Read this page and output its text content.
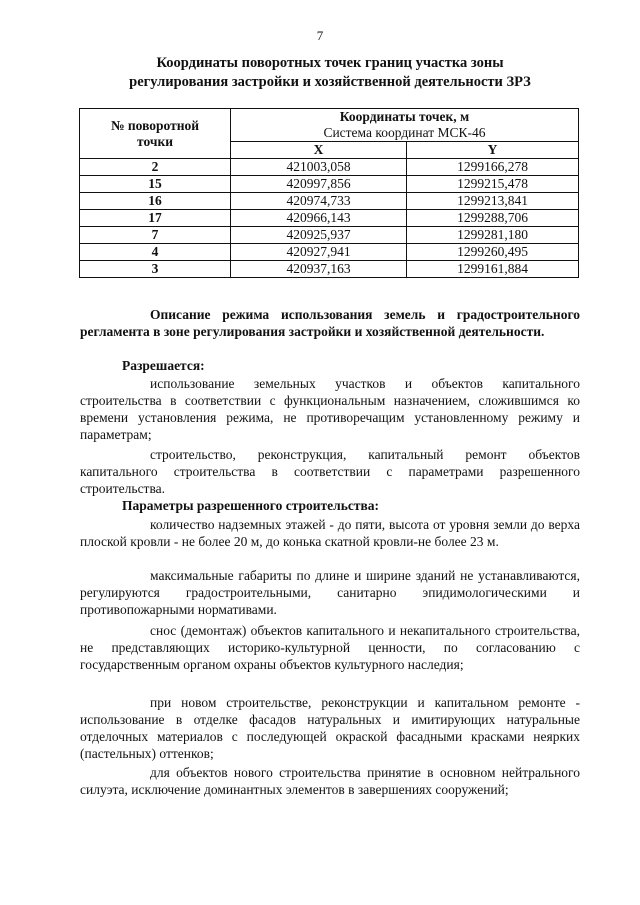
7
Координаты поворотных точек границ участка зоны
регулирования застройки и хозяйственной деятельности ЗРЗ
№ поворотной
точки	Координаты точек, м
Система координат МСК-46	

	X	Y

2	421003,058	1299166,278
15	420997,856	1299215,478
16	420974,733	1299213,841
17	420966,143	1299288,706
7	420925,937	1299281,180
4	420927,941	1299260,495
3	420937,163	1299161,884
Описание режима использования земель и градостроительного регламента в зоне регулирования застройки и хозяйственной деятельности.
Разрешается:
использование земельных участков и объектов капитального строительства в соответствии с функциональным назначением, сложившимся ко времени установления режима, не противоречащим установленному режиму и параметрам;
строительство, реконструкция, капитальный ремонт объектов капитального строительства в соответствии с параметрами разрешенного строительства.
Параметры разрешенного строительства:
количество надземных этажей - до пяти, высота от уровня земли до верха плоской кровли - не более 20 м, до конька скатной кровли-не более 23 м.
максимальные габариты по длине и ширине зданий не устанавливаются, регулируются градостроительными, санитарно эпидимологическими и противопожарными нормативами.
снос (демонтаж) объектов капитального и некапитального строительства, не представляющих историко-культурной ценности, по согласованию с государственным органом охраны объектов культурного наследия;
при новом строительстве, реконструкции и капитальном ремонте - использование в отделке фасадов натуральных и имитирующих натуральные отделочных материалов с последующей окраской фасадными красками неярких (пастельных) оттенков;
для объектов нового строительства принятие в основном нейтрального силуэта, исключение доминантных элементов в завершениях сооружений;
